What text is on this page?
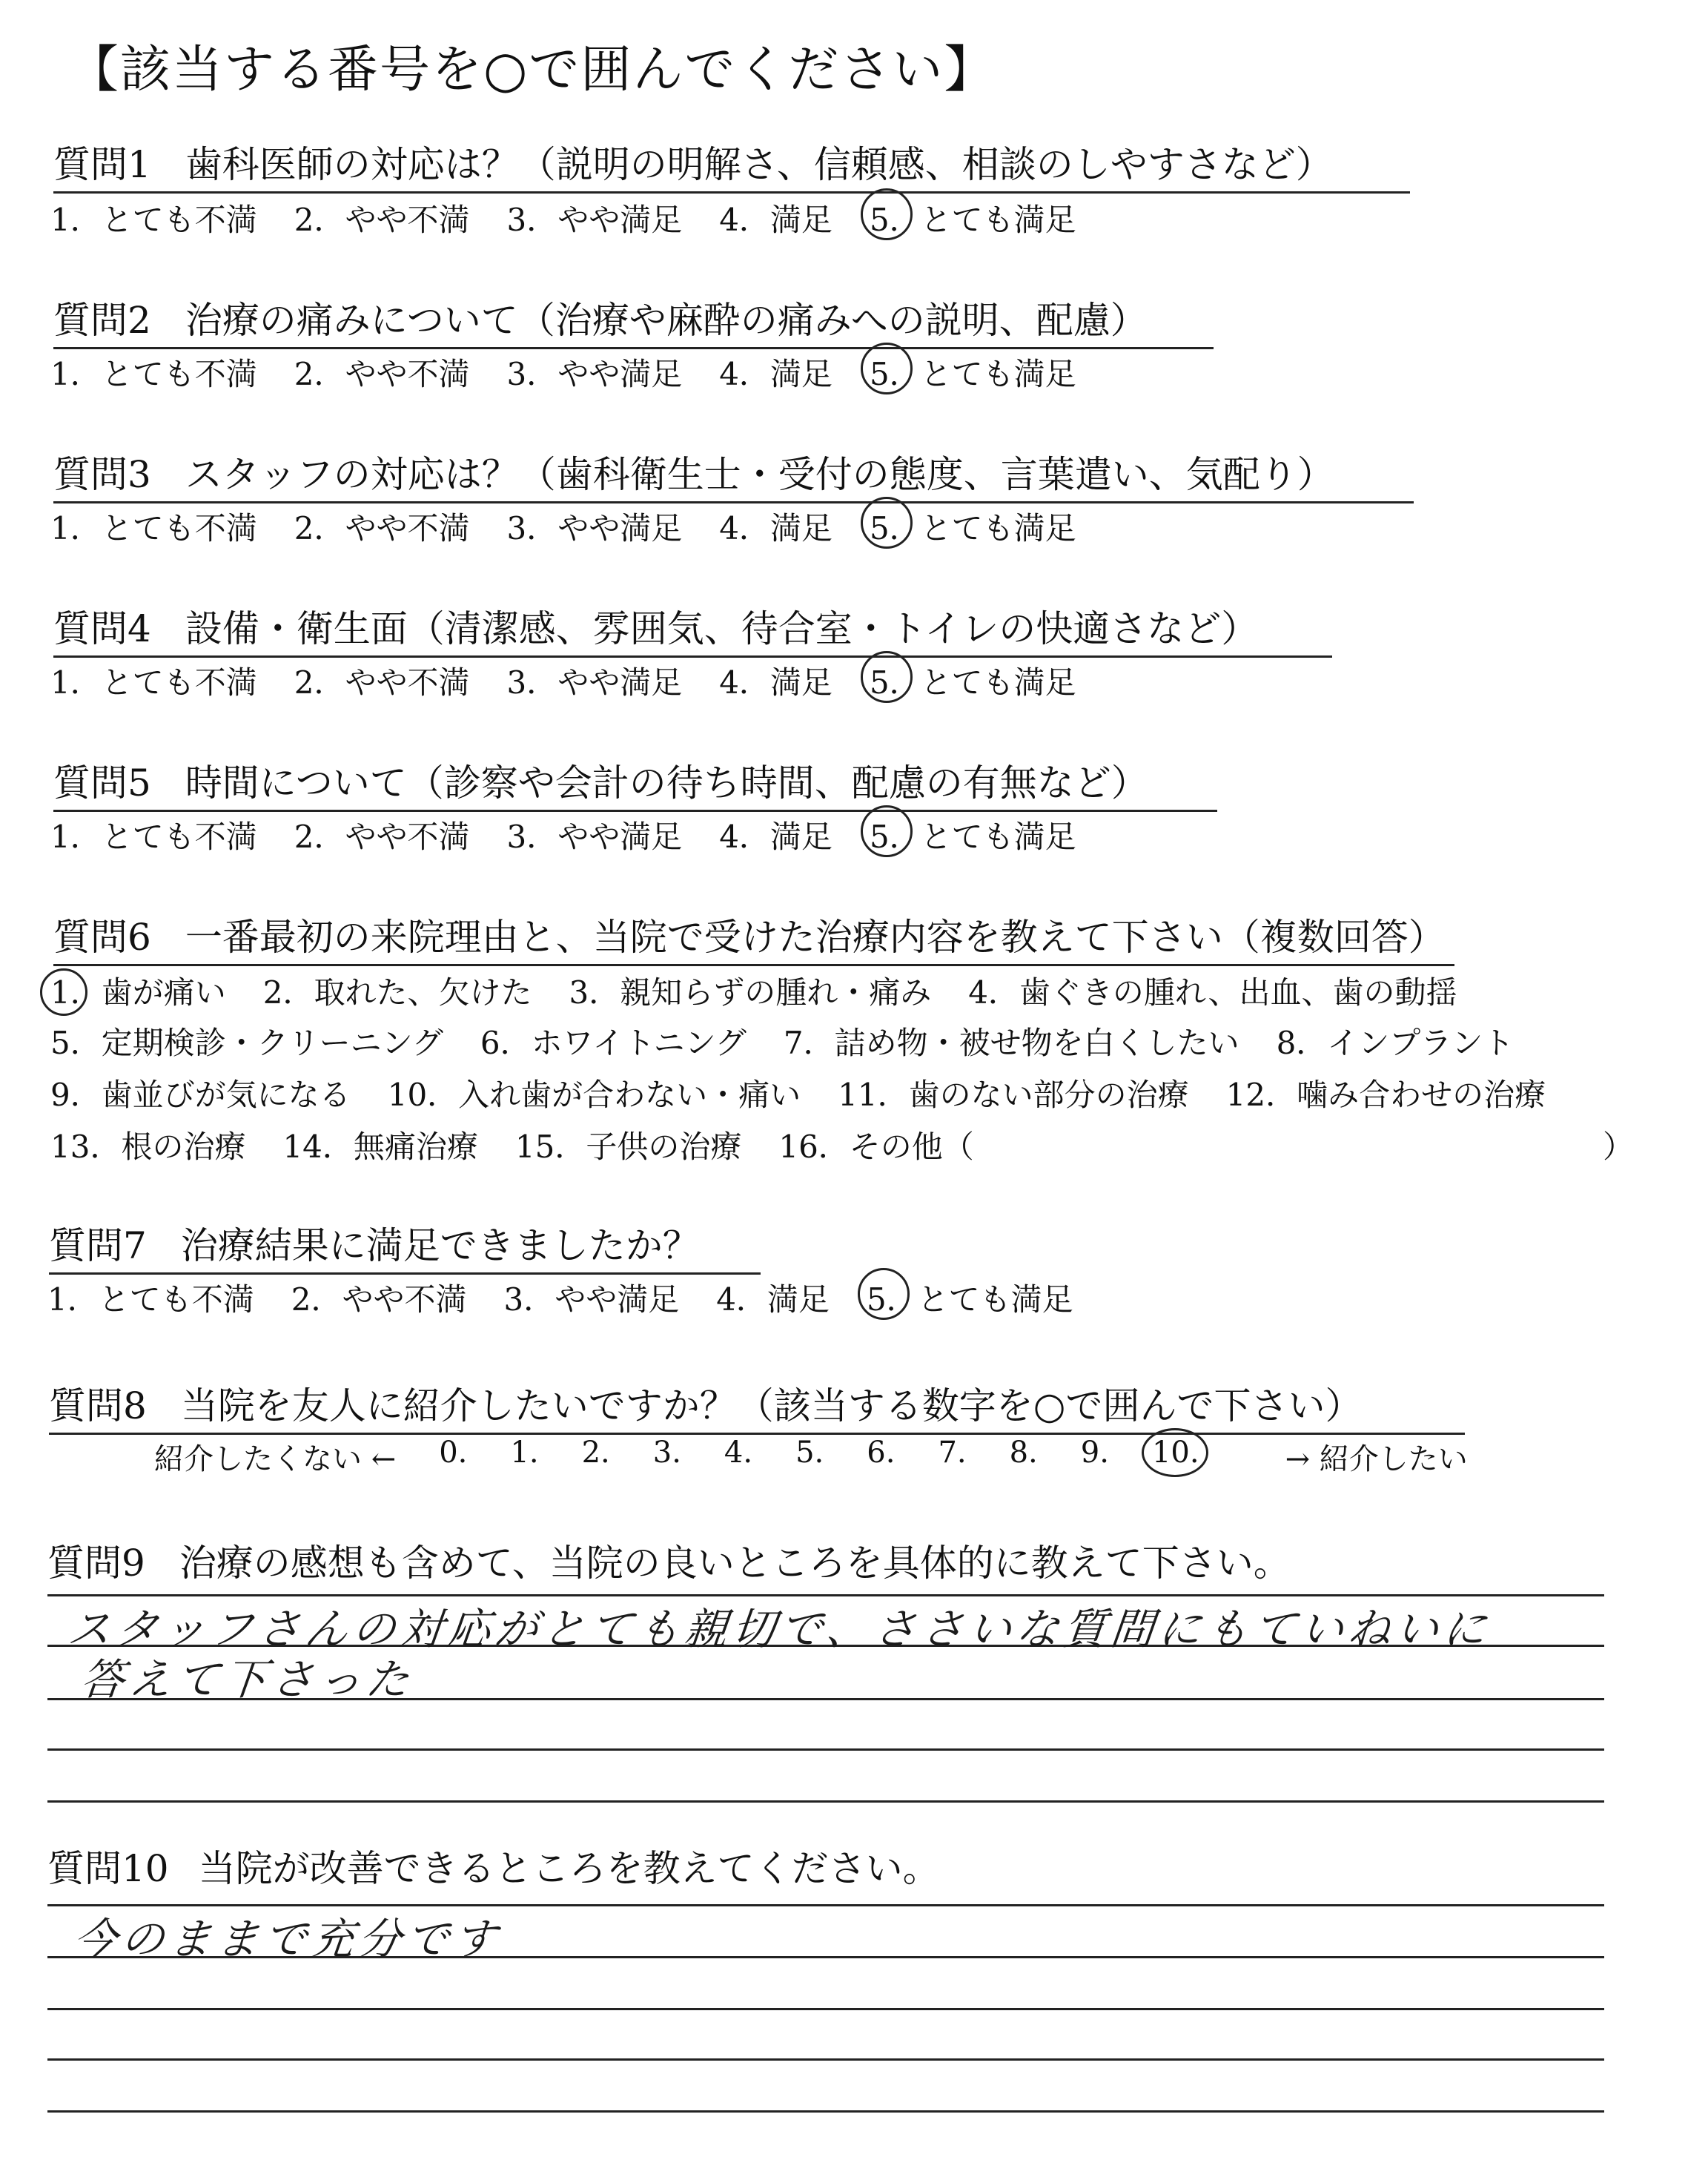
【該当する番号を○で囲んでください】
質問1 歯科医師の対応は？（説明の明解さ、信頼感、相談のしやすさなど）
1．とても不満 2．やや不満 3．やや満足 4．満足 5．とても満足
質問2 治療の痛みについて（治療や麻酔の痛みへの説明、配慮）
1．とても不満 2．やや不満 3．やや満足 4．満足 5．とても満足
質問3 スタッフの対応は？（歯科衛生士・受付の態度、言葉遣い、気配り）
1．とても不満 2．やや不満 3．やや満足 4．満足 5．とても満足
質問4 設備・衛生面（清潔感、雰囲気、待合室・トイレの快適さなど）
1．とても不満 2．やや不満 3．やや満足 4．満足 5．とても満足
質問5 時間について（診察や会計の待ち時間、配慮の有無など）
1．とても不満 2．やや不満 3．やや満足 4．満足 5．とても満足
質問6 一番最初の来院理由と、当院で受けた治療内容を教えて下さい（複数回答）
1．歯が痛い 2．取れた、欠けた 3．親知らずの腫れ・痛み 4．歯ぐきの腫れ、出血、歯の動揺
5．定期検診・クリーニング 6．ホワイトニング 7．詰め物・被せ物を白くしたい 8．インプラント
9．歯並びが気になる 10．入れ歯が合わない・痛い 11．歯のない部分の治療 12．噛み合わせの治療
13．根の治療 14．無痛治療 15．子供の治療 16．その他（	）
質問7 治療結果に満足できましたか？
1．とても不満 2．やや不満 3．やや満足 4．満足 5．とても満足
質問8 当院を友人に紹介したいですか？（該当する数字を○で囲んで下さい）
紹介したくない ← 0. 1. 2. 3. 4. 5. 6. 7. 8. 9. 10.	→ 紹介したい
質問9 治療の感想も含めて、当院の良いところを具体的に教えて下さい。
スタッフさんの対応がとても親切で、ささいな質問にもていねいに
答えて下さった
質問10 当院が改善できるところを教えてください。
今のままで充分です
